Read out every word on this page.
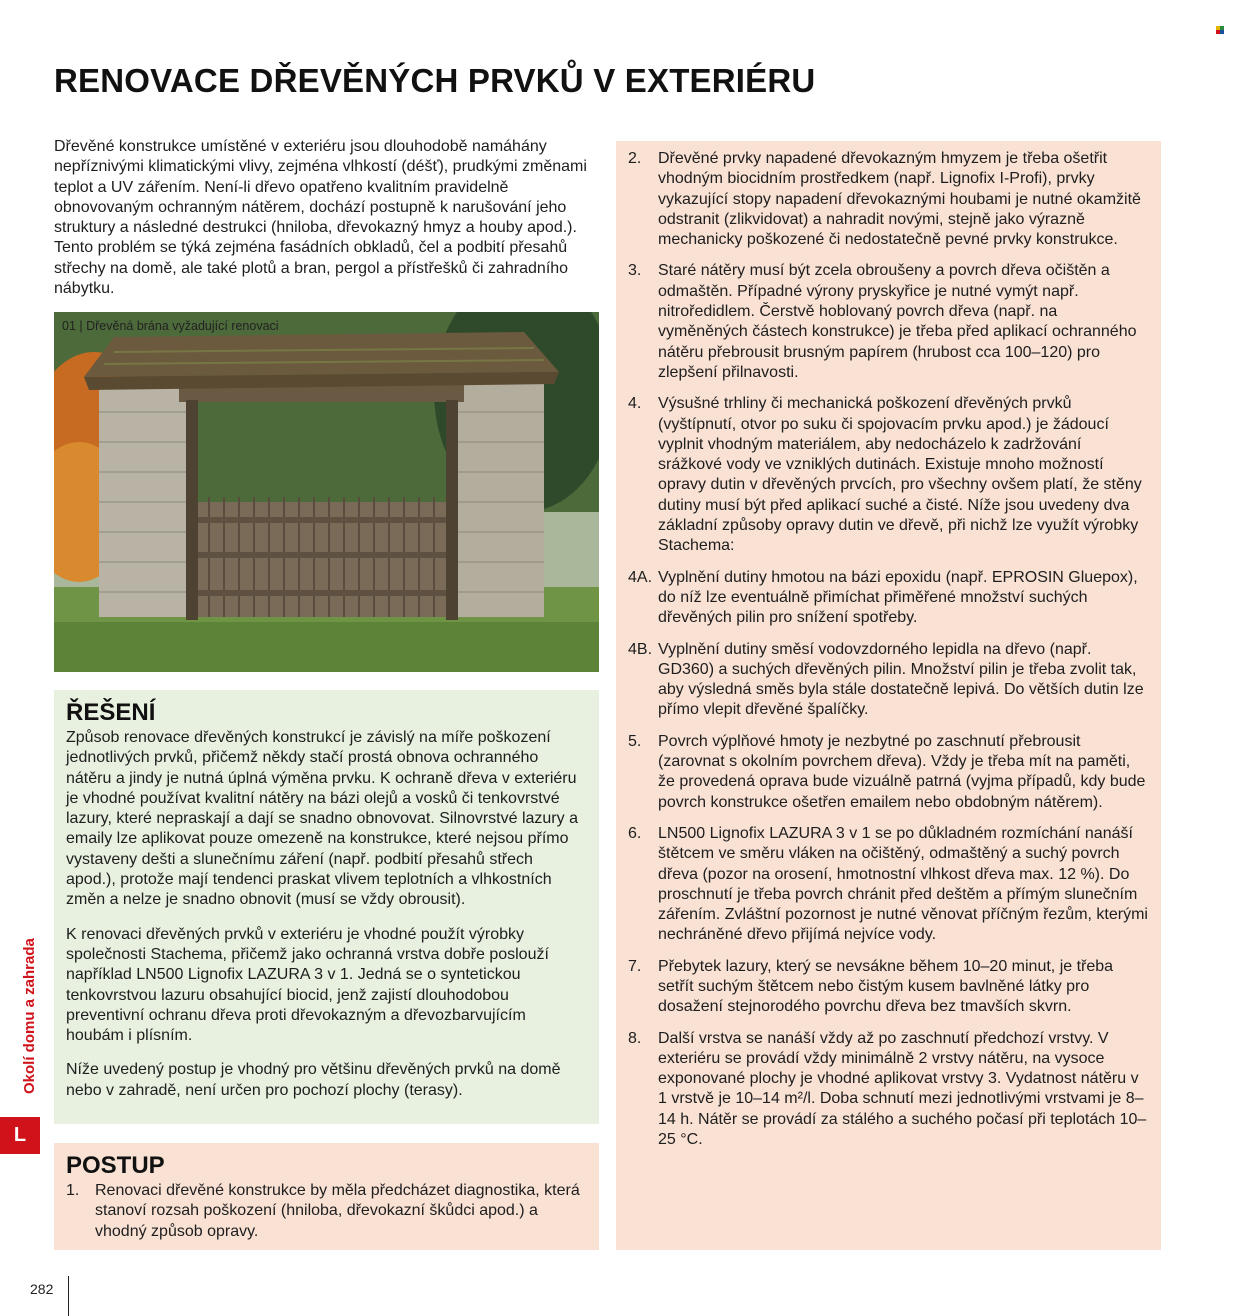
RENOVACE DŘEVĚNÝCH PRVKŮ V EXTERIÉRU

Dřevěné konstrukce umístěné v exteriéru jsou dlouhodobě namáhány nepříznivými klimatickými vlivy, zejména vlhkostí (déšť), prudkými změnami teplot a UV zářením. Není-li dřevo opatřeno kvalitním pravidelně obnovovaným ochranným nátěrem, dochází postupně k narušování jeho struktury a následné destrukci (hniloba, dřevokazný hmyz a houby apod.). Tento problém se týká zejména fasádních obkladů, čel a podbití přesahů střechy na domě, ale také plotů a bran, pergol a přístřešků či zahradního nábytku.

01 | Dřevěná brána vyžadující renovaci
ŘEŠENÍ

Způsob renovace dřevěných konstrukcí je závislý na míře poškození jednotlivých prvků, přičemž někdy stačí prostá obnova ochranného nátěru a jindy je nutná úplná výměna prvku. K ochraně dřeva v exteriéru je vhodné používat kvalitní nátěry na bázi olejů a vosků či tenkovrstvé lazury, které nepraskají a dají se snadno obnovovat. Silnovrstvé lazury a emaily lze aplikovat pouze omezeně na konstrukce, které nejsou přímo vystaveny dešti a slunečnímu záření (např. podbití přesahů střech apod.), protože mají tendenci praskat vlivem teplotních a vlhkostních změn a nelze je snadno obnovit (musí se vždy obrousit).

K renovaci dřevěných prvků v exteriéru je vhodné použít výrobky společnosti Stachema, přičemž jako ochranná vrstva dobře poslouží například LN500 Lignofix LAZURA 3 v 1. Jedná se o syntetickou tenkovrstvou lazuru obsahující biocid, jenž zajistí dlouhodobou preventivní ochranu dřeva proti dřevokazným a dřevozbarvujícím houbám i plísním.

Níže uvedený postup je vhodný pro většinu dřevěných prvků na domě nebo v zahradě, není určen pro pochozí plochy (terasy).

POSTUP
1. Renovaci dřevěné konstrukce by měla předcházet diagnostika, která stanoví rozsah poškození (hniloba, dřevokazní škůdci apod.) a vhodný způsob opravy.
2. Dřevěné prvky napadené dřevokazným hmyzem je třeba ošetřit vhodným biocidním prostředkem (např. Lignofix I-Profi), prvky vykazující stopy napadení dřevokaznými houbami je nutné okamžitě odstranit (zlikvidovat) a nahradit novými, stejně jako výrazně mechanicky poškozené či nedostatečně pevné prvky konstrukce.
3. Staré nátěry musí být zcela obroušeny a povrch dřeva očištěn a odmaštěn. Případné výrony pryskyřice je nutné vymýt např. nitroředidlem. Čerstvě hoblovaný povrch dřeva (např. na vyměněných částech konstrukce) je třeba před aplikací ochranného nátěru přebrousit brusným papírem (hrubost cca 100–120) pro zlepšení přilnavosti.
4. Výsušné trhliny či mechanická poškození dřevěných prvků (vyštípnutí, otvor po suku či spojovacím prvku apod.) je žádoucí vyplnit vhodným materiálem, aby nedocházelo k zadržování srážkové vody ve vzniklých dutinách. Existuje mnoho možností opravy dutin v dřevěných prvcích, pro všechny ovšem platí, že stěny dutiny musí být před aplikací suché a čisté. Níže jsou uvedeny dva základní způsoby opravy dutin ve dřevě, při nichž lze využít výrobky Stachema:
4A. Vyplnění dutiny hmotou na bázi epoxidu (např. EPROSIN Gluepox), do níž lze eventuálně přimíchat přiměřené množství suchých dřevěných pilin pro snížení spotřeby.
4B. Vyplnění dutiny směsí vodovzdorného lepidla na dřevo (např. GD360) a suchých dřevěných pilin. Množství pilin je třeba zvolit tak, aby výsledná směs byla stále dostatečně lepivá. Do větších dutin lze přímo vlepit dřevěné špalíčky.
5. Povrch výplňové hmoty je nezbytné po zaschnutí přebrousit (zarovnat s okolním povrchem dřeva). Vždy je třeba mít na paměti, že provedená oprava bude vizuálně patrná (vyjma případů, kdy bude povrch konstrukce ošetřen emailem nebo obdobným nátěrem).
6. LN500 Lignofix LAZURA 3 v 1 se po důkladném rozmíchání nanáší štětcem ve směru vláken na očištěný, odmaštěný a suchý povrch dřeva (pozor na orosení, hmotnostní vlhkost dřeva max. 12 %). Do proschnutí je třeba povrch chránit před deštěm a přímým slunečním zářením. Zvláštní pozornost je nutné věnovat příčným řezům, kterými nechráněné dřevo přijímá nejvíce vody.
7. Přebytek lazury, který se nevsákne během 10–20 minut, je třeba setřít suchým štětcem nebo čistým kusem bavlněné látky pro dosažení stejnorodého povrchu dřeva bez tmavších skvrn.
8. Další vrstva se nanáší vždy až po zaschnutí předchozí vrstvy. V exteriéru se provádí vždy minimálně 2 vrstvy nátěru, na vysoce exponované plochy je vhodné aplikovat vrstvy 3. Vydatnost nátěru v 1 vrstvě je 10–14 m²/l. Doba schnutí mezi jednotlivými vrstvami je 8–14 h. Nátěr se provádí za stálého a suchého počasí při teplotách 10–25 °C.
Okolí domu a zahrada
L
282
